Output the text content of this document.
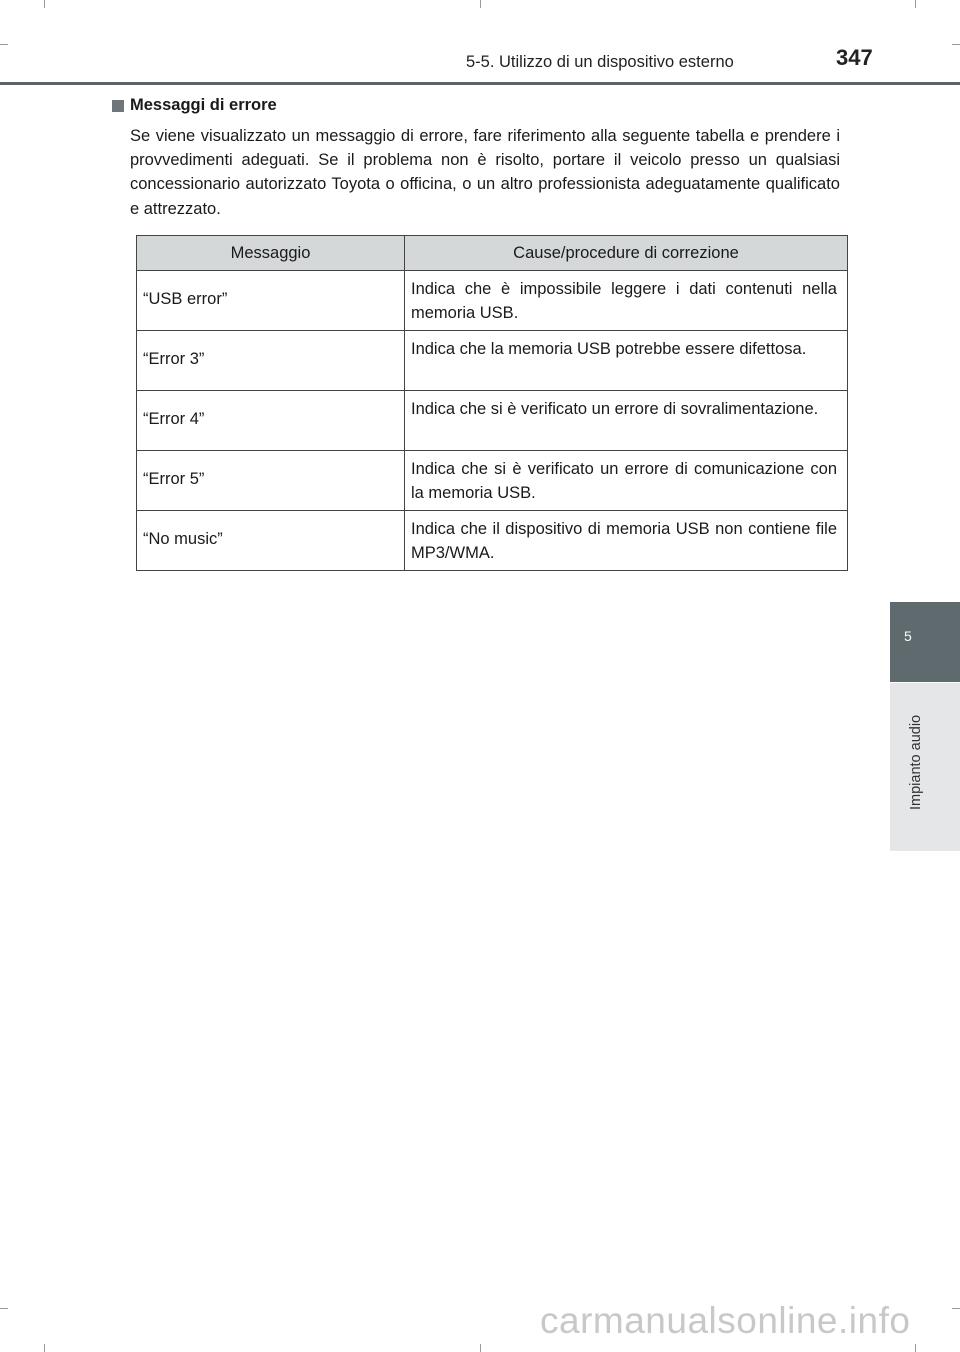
5-5. Utilizzo di un dispositivo esterno	347
Messaggi di errore

Se viene visualizzato un messaggio di errore, fare riferimento alla seguente tabella e prendere i provvedimenti adeguati. Se il problema non è risolto, portare il veicolo presso un qualsiasi concessionario autorizzato Toyota o officina, o un altro professionista adeguatamente qualificato e attrezzato.

Messaggio	Cause/procedure di correzione
“USB error”	Indica che è impossibile leggere i dati contenuti nella memoria USB.
“Error 3”	Indica che la memoria USB potrebbe essere difettosa.
“Error 4”	Indica che si è verificato un errore di sovralimentazione.
“Error 5”	Indica che si è verificato un errore di comunicazione con la memoria USB.
“No music”	Indica che il dispositivo di memoria USB non contiene file MP3/WMA.
5
Impianto audio
carmanualsonline.info
